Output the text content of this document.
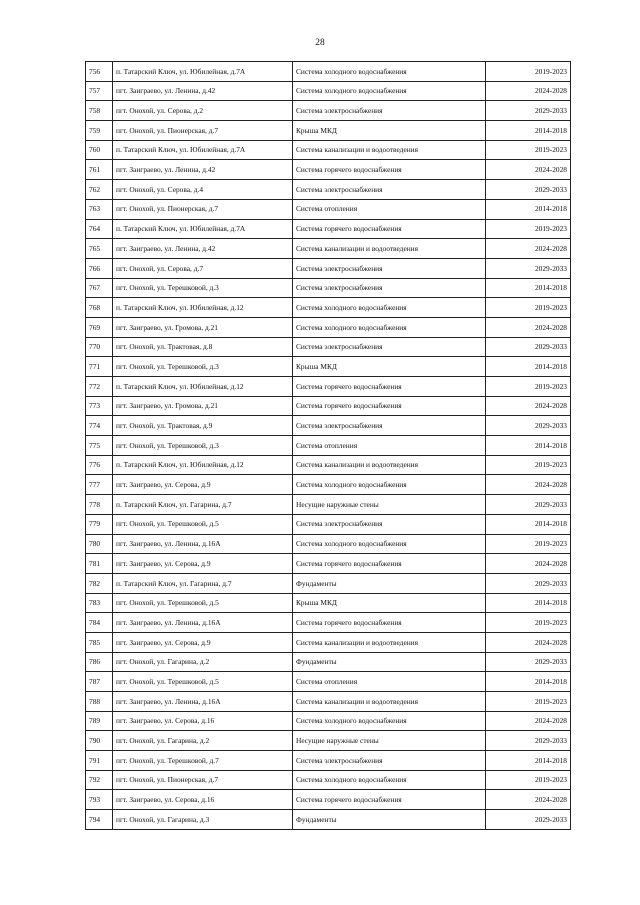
28
756	п. Татарский Ключ, ул. Юбилейная, д.7А	Система холодного водоснабжения	2019-2023
757	пгт. Заиграево, ул. Ленина, д.42	Система холодного водоснабжения	2024-2028
758	пгт. Онохой, ул. Серова, д.2	Система электроснабжения	2029-2033
759	пгт. Онохой, ул. Пионерская, д.7	Крыша МКД	2014-2018
760	п. Татарский Ключ, ул. Юбилейная, д.7А	Система канализации и водоотведения	2019-2023
761	пгт. Заиграево, ул. Ленина, д.42	Система горячего водоснабжения	2024-2028
762	пгт. Онохой, ул. Серова, д.4	Система электроснабжения	2029-2033
763	пгт. Онохой, ул. Пионерская, д.7	Система отопления	2014-2018
764	п. Татарский Ключ, ул. Юбилейная, д.7А	Система горячего водоснабжения	2019-2023
765	пгт. Заиграево, ул. Ленина, д.42	Система канализации и водоотведения	2024-2028
766	пгт. Онохой, ул. Серова, д.7	Система электроснабжения	2029-2033
767	пгт. Онохой, ул. Терешковой, д.3	Система электроснабжения	2014-2018
768	п. Татарский Ключ, ул. Юбилейная, д.12	Система холодного водоснабжения	2019-2023
769	пгт. Заиграево, ул. Громова, д.21	Система холодного водоснабжения	2024-2028
770	пгт. Онохой, ул. Трактовая, д.8	Система электроснабжения	2029-2033
771	пгт. Онохой, ул. Терешковой, д.3	Крыша МКД	2014-2018
772	п. Татарский Ключ, ул. Юбилейная, д.12	Система горячего водоснабжения	2019-2023
773	пгт. Заиграево, ул. Громова, д.21	Система горячего водоснабжения	2024-2028
774	пгт. Онохой, ул. Трактовая, д.9	Система электроснабжения	2029-2033
775	пгт. Онохой, ул. Терешковой, д.3	Система отопления	2014-2018
776	п. Татарский Ключ, ул. Юбилейная, д.12	Система канализации и водоотведения	2019-2023
777	пгт. Заиграево, ул. Серова, д.9	Система холодного водоснабжения	2024-2028
778	п. Татарский Ключ, ул. Гагарина, д.7	Несущие наружные стены	2029-2033
779	пгт. Онохой, ул. Терешковой, д.5	Система электроснабжения	2014-2018
780	пгт. Заиграево, ул. Ленина, д.16А	Система холодного водоснабжения	2019-2023
781	пгт. Заиграево, ул. Серова, д.9	Система горячего водоснабжения	2024-2028
782	п. Татарский Ключ, ул. Гагарина, д.7	Фундаменты	2029-2033
783	пгт. Онохой, ул. Терешковой, д.5	Крыша МКД	2014-2018
784	пгт. Заиграево, ул. Ленина, д.16А	Система горячего водоснабжения	2019-2023
785	пгт. Заиграево, ул. Серова, д.9	Система канализации и водоотведения	2024-2028
786	пгт. Онохой, ул. Гагарина, д.2	Фундаменты	2029-2033
787	пгт. Онохой, ул. Терешковой, д.5	Система отопления	2014-2018
788	пгт. Заиграево, ул. Ленина, д.16А	Система канализации и водоотведения	2019-2023
789	пгт. Заиграево, ул. Серова, д.16	Система холодного водоснабжения	2024-2028
790	пгт. Онохой, ул. Гагарина, д.2	Несущие наружные стены	2029-2033
791	пгт. Онохой, ул. Терешковой, д.7	Система электроснабжения	2014-2018
792	пгт. Онохой, ул. Пионерская, д.7	Система холодного водоснабжения	2019-2023
793	пгт. Заиграево, ул. Серова, д.16	Система горячего водоснабжения	2024-2028
794	пгт. Онохой, ул. Гагарина, д.3	Фундаменты	2029-2033
